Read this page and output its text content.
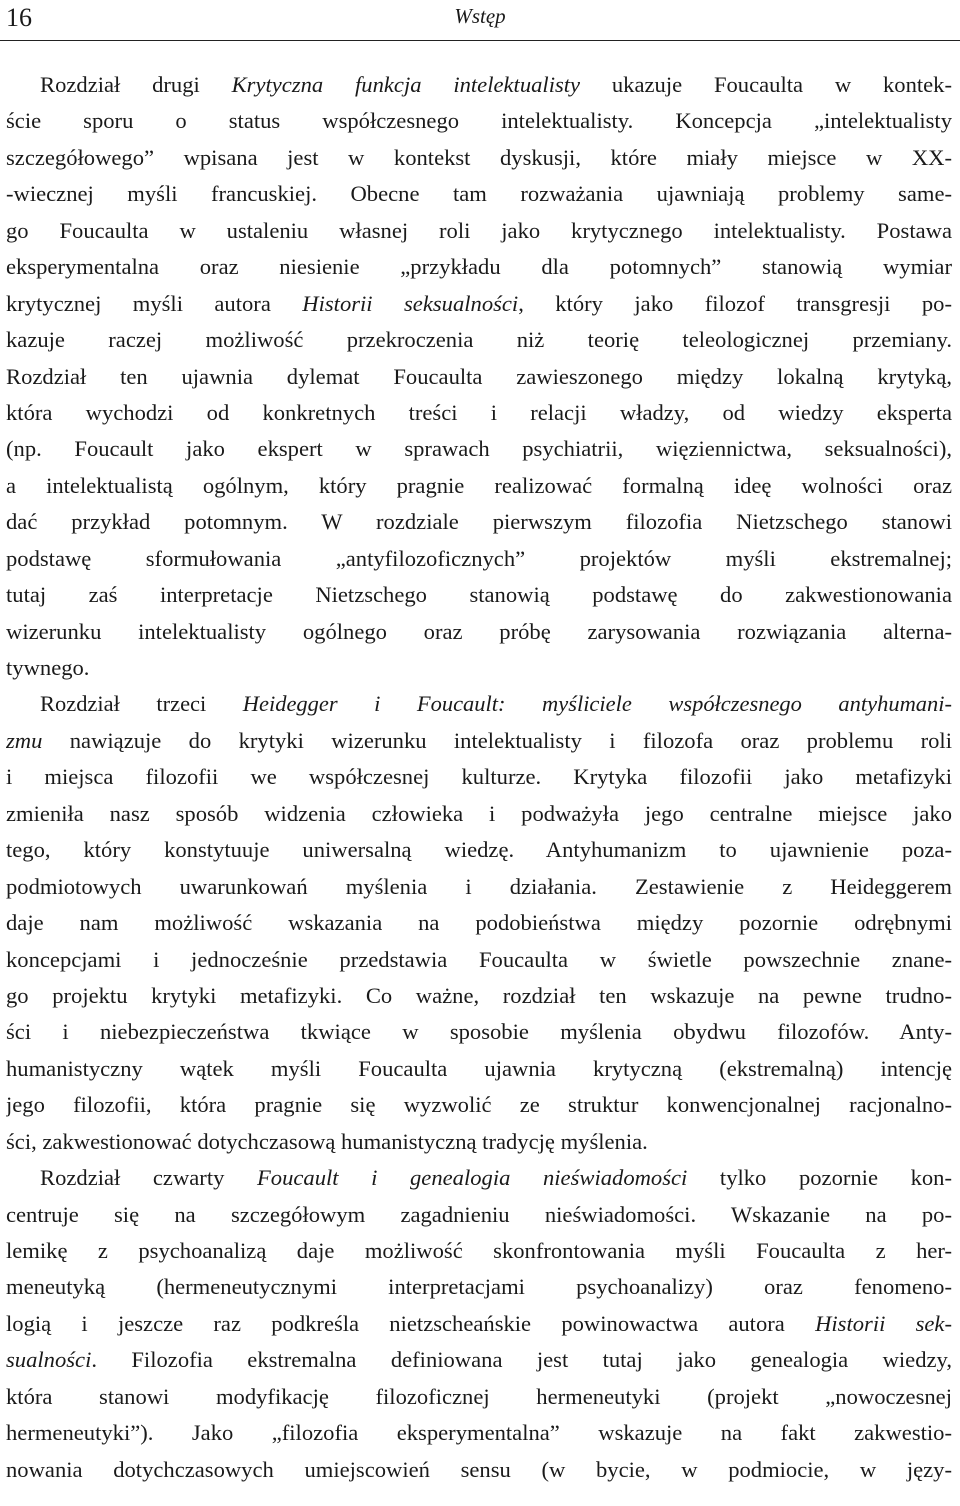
16	Wstęp
Rozdział drugi Krytyczna funkcja intelektualisty ukazuje Foucaulta w kontek-
ście sporu o status współczesnego intelektualisty. Koncepcja „intelektualisty
szczegółowego” wpisana jest w kontekst dyskusji, które miały miejsce w XX-
-wiecznej myśli francuskiej. Obecne tam rozważania ujawniają problemy same-
go Foucaulta w ustaleniu własnej roli jako krytycznego intelektualisty. Postawa
eksperymentalna oraz niesienie „przykładu dla potomnych” stanowią wymiar
krytycznej myśli autora Historii seksualności, który jako filozof transgresji po-
kazuje raczej możliwość przekroczenia niż teorię teleologicznej przemiany.
Rozdział ten ujawnia dylemat Foucaulta zawieszonego między lokalną krytyką,
która wychodzi od konkretnych treści i relacji władzy, od wiedzy eksperta
(np. Foucault jako ekspert w sprawach psychiatrii, więziennictwa, seksualności),
a intelektualistą ogólnym, który pragnie realizować formalną ideę wolności oraz
dać przykład potomnym. W rozdziale pierwszym filozofia Nietzschego stanowi
podstawę sformułowania „antyfilozoficznych” projektów myśli ekstremalnej;
tutaj zaś interpretacje Nietzschego stanowią podstawę do zakwestionowania
wizerunku intelektualisty ogólnego oraz próbę zarysowania rozwiązania alterna-
tywnego.
Rozdział trzeci Heidegger i Foucault: myśliciele współczesnego antyhumani-
zmu nawiązuje do krytyki wizerunku intelektualisty i filozofa oraz problemu roli
i miejsca filozofii we współczesnej kulturze. Krytyka filozofii jako metafizyki
zmieniła nasz sposób widzenia człowieka i podważyła jego centralne miejsce jako
tego, który konstytuuje uniwersalną wiedzę. Antyhumanizm to ujawnienie poza-
podmiotowych uwarunkowań myślenia i działania. Zestawienie z Heideggerem
daje nam możliwość wskazania na podobieństwa między pozornie odrębnymi
koncepcjami i jednocześnie przedstawia Foucaulta w świetle powszechnie znane-
go projektu krytyki metafizyki. Co ważne, rozdział ten wskazuje na pewne trudno-
ści i niebezpieczeństwa tkwiące w sposobie myślenia obydwu filozofów. Anty-
humanistyczny wątek myśli Foucaulta ujawnia krytyczną (ekstremalną) intencję
jego filozofii, która pragnie się wyzwolić ze struktur konwencjonalnej racjonalno-
ści, zakwestionować dotychczasową humanistyczną tradycję myślenia.
Rozdział czwarty Foucault i genealogia nieświadomości tylko pozornie kon-
centruje się na szczegółowym zagadnieniu nieświadomości. Wskazanie na po-
lemikę z psychoanalizą daje możliwość skonfrontowania myśli Foucaulta z her-
meneutyką (hermeneutycznymi interpretacjami psychoanalizy) oraz fenomeno-
logią i jeszcze raz podkreśla nietzscheańskie powinowactwa autora Historii sek-
sualności. Filozofia ekstremalna definiowana jest tutaj jako genealogia wiedzy,
która stanowi modyfikację filozoficznej hermeneutyki (projekt „nowoczesnej
hermeneutyki”). Jako „filozofia eksperymentalna” wskazuje na fakt zakwestio-
nowania dotychczasowych umiejscowień sensu (w bycie, w podmiocie, w języ-
